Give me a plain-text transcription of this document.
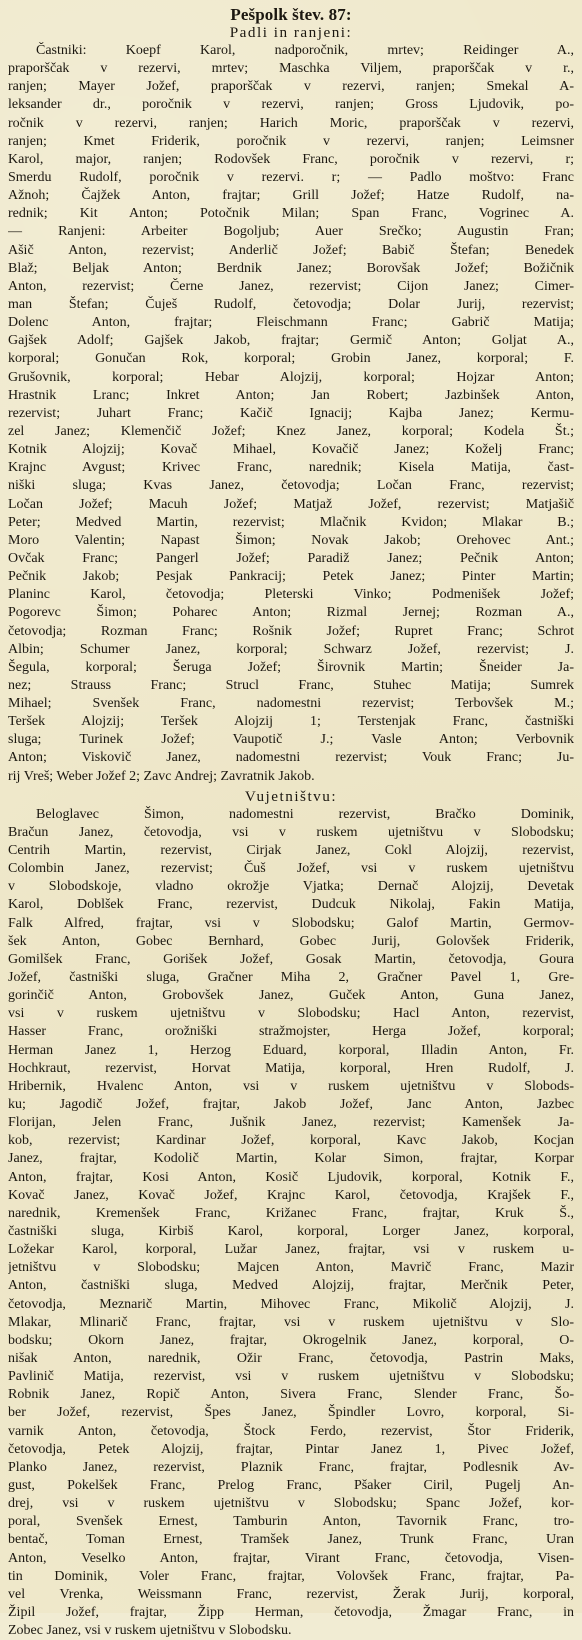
Pešpolk štev. 87:
Padli in ranjeni:
Častniki: Koepf Karol, nadporočnik, mrtev; Reidinger A.,
praporščak v rezervi, mrtev; Maschka Viljem, praporščak v r.,
ranjen; Mayer Jožef, praporščak v rezervi, ranjen; Smekal A-
leksander dr., poročnik v rezervi, ranjen; Gross Ljudovik, po-
ročnik v rezervi, ranjen; Harich Moric, praporščak v rezervi,
ranjen; Kmet Friderik, poročnik v rezervi, ranjen; Leimsner
Karol, major, ranjen; Rodovšek Franc, poročnik v rezervi, r;
Smerdu Rudolf, poročnik v rezervi. r; — Padlo moštvo: Franc
Ažnoh; Čajžek Anton, frajtar; Grill Jožef; Hatze Rudolf, na-
rednik; Kit Anton; Potočnik Milan; Span Franc, Vogrinec A.
— Ranjeni: Arbeiter Bogoljub; Auer Srečko; Augustin Fran;
Ašič Anton, rezervist; Anderlič Jožef; Babič Štefan; Benedek
Blaž; Beljak Anton; Berdnik Janez; Borovšak Jožef; Božičnik
Anton, rezervist; Černe Janez, rezervist; Cijon Janez; Cimer-
man Štefan; Čuješ Rudolf, četovodja; Dolar Jurij, rezervist;
Dolenc Anton, frajtar; Fleischmann Franc; Gabrič Matija;
Gajšek Adolf; Gajšek Jakob, frajtar; Germič Anton; Goljat A.,
korporal; Gonučan Rok, korporal; Grobin Janez, korporal; F.
Grušovnik, korporal; Hebar Alojzij, korporal; Hojzar Anton;
Hrastnik Lranc; Inkret Anton; Jan Robert; Jazbinšek Anton,
rezervist; Juhart Franc; Kačič Ignacij; Kajba Janez; Kermu-
zel Janez; Klemenčič Jožef; Knez Janez, korporal; Kodela Št.;
Kotnik Alojzij; Kovač Mihael, Kovačič Janez; Koželj Franc;
Krajnc Avgust; Krivec Franc, narednik; Kisela Matija, čast-
niški sluga; Kvas Janez, četovodja; Ločan Franc, rezervist;
Ločan Jožef; Macuh Jožef; Matjaž Jožef, rezervist; Matjašič
Peter; Medved Martin, rezervist; Mlačnik Kvidon; Mlakar B.;
Moro Valentin; Napast Šimon; Novak Jakob; Orehovec Ant.;
Ovčak Franc; Pangerl Jožef; Paradiž Janez; Pečnik Anton;
Pečnik Jakob; Pesjak Pankracij; Petek Janez; Pinter Martin;
Planinc Karol, četovodja; Pleterski Vinko; Podmenišek Jožef;
Pogorevc Šimon; Poharec Anton; Rizmal Jernej; Rozman A.,
četovodja; Rozman Franc; Rošnik Jožef; Rupret Franc; Schrot
Albin; Schumer Janez, korporal; Schwarz Jožef, rezervist; J.
Šegula, korporal; Šeruga Jožef; Širovnik Martin; Šneider Ja-
nez; Strauss Franc; Strucl Franc, Stuhec Matija; Sumrek
Mihael; Svenšek Franc, nadomestni rezervist; Terbovšek M.;
Teršek Alojzij; Teršek Alojzij 1; Terstenjak Franc, častniški
sluga; Turinek Jožef; Vaupotič J.; Vasle Anton; Verbovnik
Anton; Viskovič Janez, nadomestni rezervist; Vouk Franc; Ju-
rij Vreš; Weber Jožef 2; Zavc Andrej; Zavratnik Jakob.
Vujetništvu:
Beloglavec Šimon, nadomestni rezervist, Bračko Dominik,
Bračun Janez, četovodja, vsi v ruskem ujetništvu v Slobodsku;
Centrih Martin, rezervist, Cirjak Janez, Cokl Alojzij, rezervist,
Colombin Janez, rezervist; Čuš Jožef, vsi v ruskem ujetništvu
v Slobodskoje, vladno okrožje Vjatka; Dernač Alojzij, Devetak
Karol, Doblšek Franc, rezervist, Dudcuk Nikolaj, Fakin Matija,
Falk Alfred, frajtar, vsi v Slobodsku; Galof Martin, Germov-
šek Anton, Gobec Bernhard, Gobec Jurij, Golovšek Friderik,
Gomilšek Franc, Gorišek Jožef, Gosak Martin, četovodja, Goura
Jožef, častniški sluga, Gračner Miha 2, Gračner Pavel 1, Gre-
gorinčič Anton, Grobovšek Janez, Guček Anton, Guna Janez,
vsi v ruskem ujetništvu v Slobodsku; Hacl Anton, rezervist,
Hasser Franc, orožniški stražmojster, Herga Jožef, korporal;
Herman Janez 1, Herzog Eduard, korporal, Illadin Anton, Fr.
Hochkraut, rezervist, Horvat Matija, korporal, Hren Rudolf, J.
Hribernik, Hvalenc Anton, vsi v ruskem ujetništvu v Slobods-
ku; Jagodič Jožef, frajtar, Jakob Jožef, Janc Anton, Jazbec
Florijan, Jelen Franc, Jušnik Janez, rezervist; Kamenšek Ja-
kob, rezervist; Kardinar Jožef, korporal, Kavc Jakob, Kocjan
Janez, frajtar, Kodolič Martin, Kolar Simon, frajtar, Korpar
Anton, frajtar, Kosi Anton, Kosič Ljudovik, korporal, Kotnik F.,
Kovač Janez, Kovač Jožef, Krajnc Karol, četovodja, Krajšek F.,
narednik, Kremenšek Franc, Križanec Franc, frajtar, Kruk Š.,
častniški sluga, Kirbiš Karol, korporal, Lorger Janez, korporal,
Ložekar Karol, korporal, Lužar Janez, frajtar, vsi v ruskem u-
jetništvu v Slobodsku; Majcen Anton, Mavrič Franc, Mazir
Anton, častniški sluga, Medved Alojzij, frajtar, Merčnik Peter,
četovodja, Meznarič Martin, Mihovec Franc, Mikolič Alojzij, J.
Mlakar, Mlinarič Franc, frajtar, vsi v ruskem ujetništvu v Slo-
bodsku; Okorn Janez, frajtar, Okrogelnik Janez, korporal, O-
nišak Anton, narednik, Ožir Franc, četovodja, Pastrin Maks,
Pavlinič Matija, rezervist, vsi v ruskem ujetništvu v Slobodsku;
Robnik Janez, Ropič Anton, Sivera Franc, Slender Franc, Šo-
ber Jožef, rezervist, Špes Janez, Špindler Lovro, korporal, Si-
varnik Anton, četovodja, Štock Ferdo, rezervist, Štor Friderik,
četovodja, Petek Alojzij, frajtar, Pintar Janez 1, Pivec Jožef,
Planko Janez, rezervist, Plaznik Franc, frajtar, Podlesnik Av-
gust, Pokelšek Franc, Prelog Franc, Pšaker Ciril, Pugelj An-
drej, vsi v ruskem ujetništvu v Slobodsku; Spanc Jožef, kor-
poral, Svenšek Ernest, Tamburin Anton, Tavornik Franc, tro-
bentač, Toman Ernest, Tramšek Janez, Trunk Franc, Uran
Anton, Veselko Anton, frajtar, Virant Franc, četovodja, Visen-
tin Dominik, Voler Franc, frajtar, Volovšek Franc, frajtar, Pa-
vel Vrenka, Weissmann Franc, rezervist, Žerak Jurij, korporal,
Žipil Jožef, frajtar, Žipp Herman, četovodja, Žmagar Franc, in
Zobec Janez, vsi v ruskem ujetništvu v Slobodsku.
